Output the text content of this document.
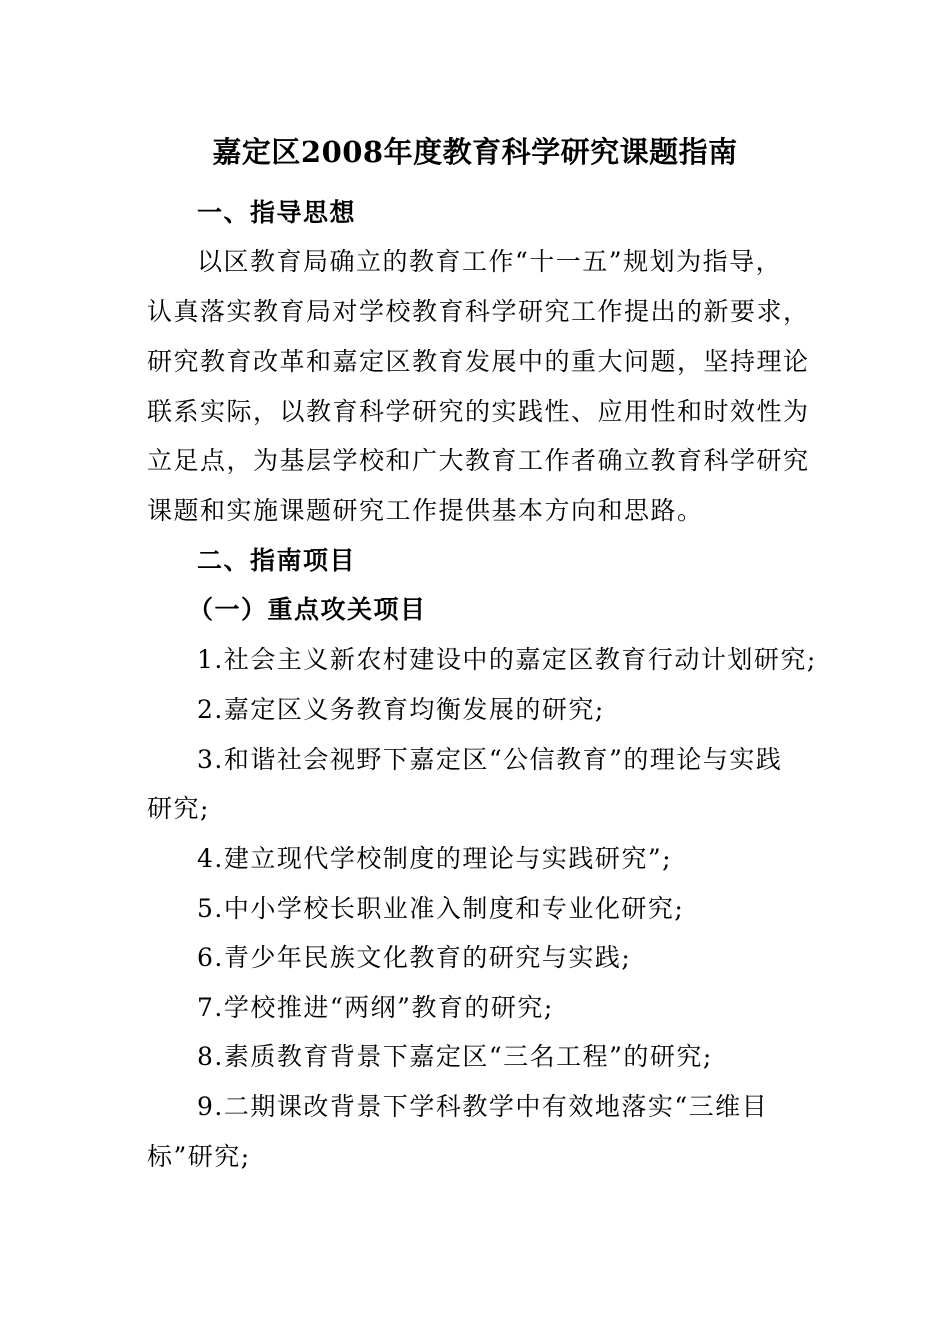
嘉定区2008年度教育科学研究课题指南
一、指导思想
以区教育局确立的教育工作“十一五”规划为指导，
认真落实教育局对学校教育科学研究工作提出的新要求，
研究教育改革和嘉定区教育发展中的重大问题，坚持理论
联系实际，以教育科学研究的实践性、应用性和时效性为
立足点，为基层学校和广大教育工作者确立教育科学研究
课题和实施课题研究工作提供基本方向和思路。
二、指南项目
（一）重点攻关项目
1.社会主义新农村建设中的嘉定区教育行动计划研究;
2.嘉定区义务教育均衡发展的研究;
3.和谐社会视野下嘉定区“公信教育”的理论与实践
研究;
4.建立现代学校制度的理论与实践研究”;
5.中小学校长职业准入制度和专业化研究;
6.青少年民族文化教育的研究与实践;
7.学校推进“两纲”教育的研究;
8.素质教育背景下嘉定区“三名工程”的研究;
9.二期课改背景下学科教学中有效地落实“三维目
标”研究;
